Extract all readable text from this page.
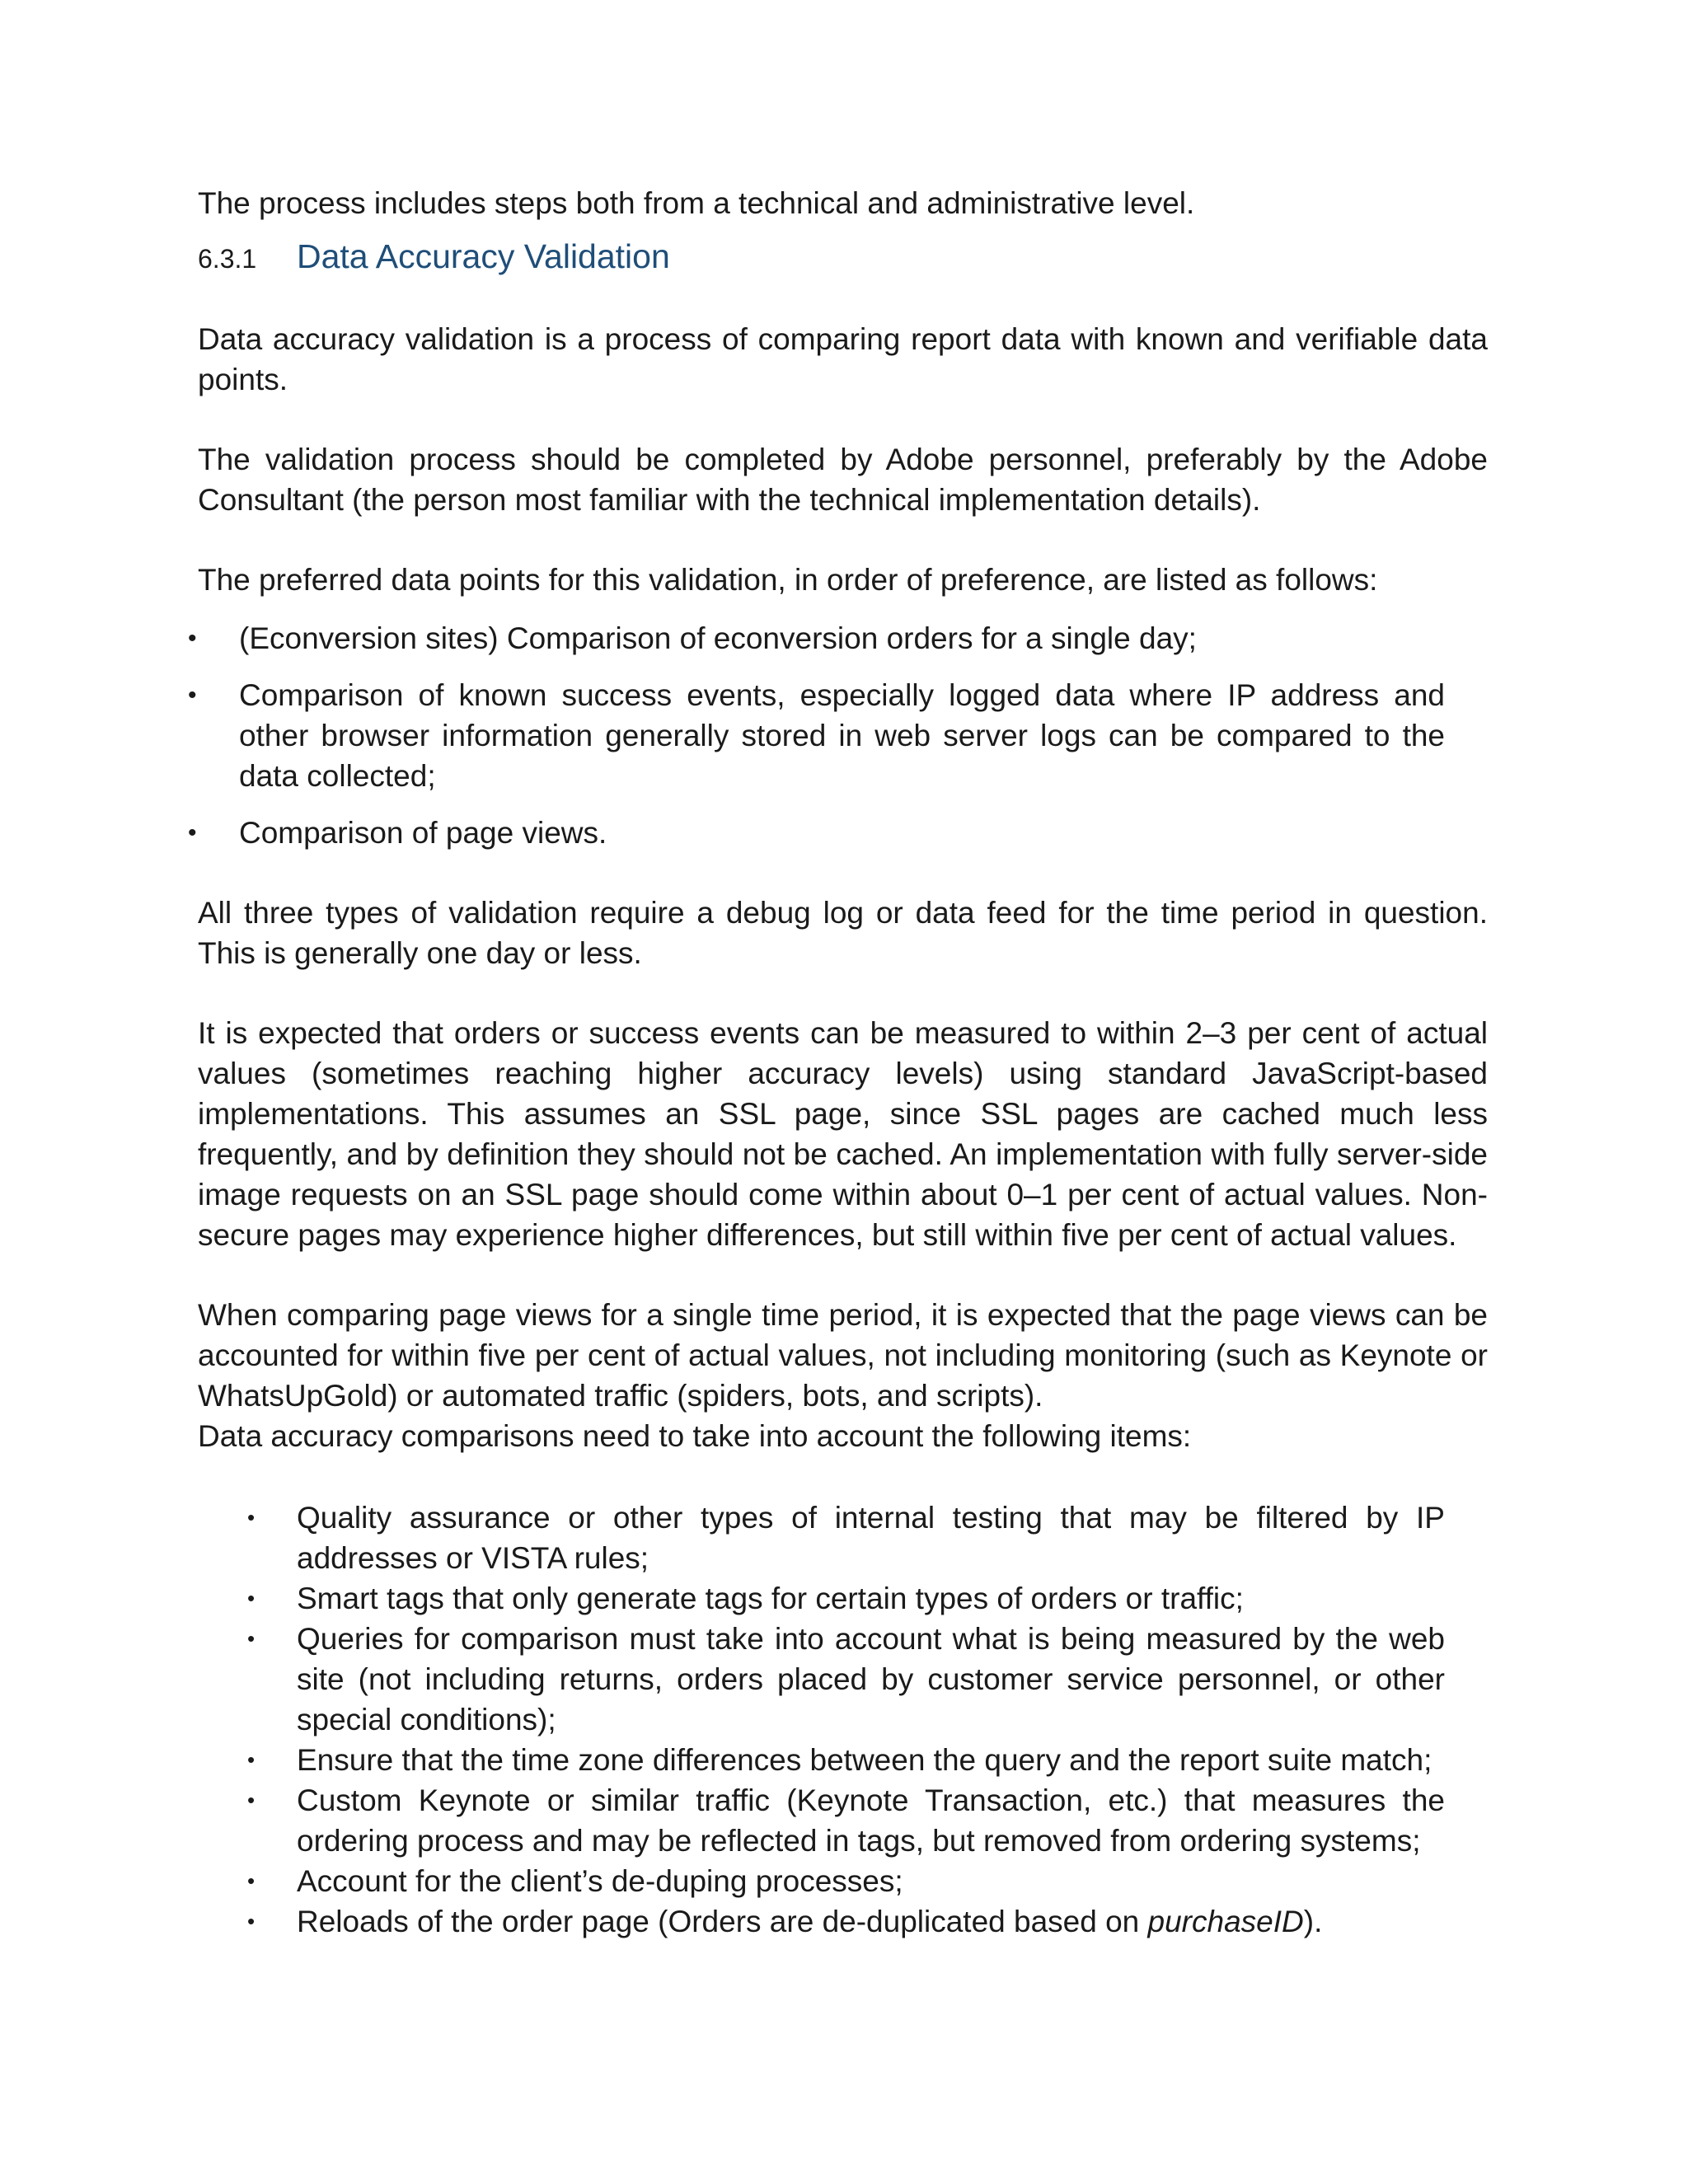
The process includes steps both from a technical and administrative level.

6.3.1	Data Accuracy Validation

Data accuracy validation is a process of comparing report data with known and verifiable data points.

The validation process should be completed by Adobe personnel, preferably by the Adobe Consultant (the person most familiar with the technical implementation details).

The preferred data points for this validation, in order of preference, are listed as follows:

• (Econversion sites) Comparison of econversion orders for a single day;
• Comparison of known success events, especially logged data where IP address and other browser information generally stored in web server logs can be compared to the data collected;
• Comparison of page views.

All three types of validation require a debug log or data feed for the time period in question. This is generally one day or less.

It is expected that orders or success events can be measured to within 2–3 per cent of actual values (sometimes reaching higher accuracy levels) using standard JavaScript-based implementations. This assumes an SSL page, since SSL pages are cached much less frequently, and by definition they should not be cached. An implementation with fully server-side image requests on an SSL page should come within about 0–1 per cent of actual values. Non-secure pages may experience higher differences, but still within five per cent of actual values.

When comparing page views for a single time period, it is expected that the page views can be accounted for within five per cent of actual values, not including monitoring (such as Keynote or WhatsUpGold) or automated traffic (spiders, bots, and scripts).

Data accuracy comparisons need to take into account the following items:

• Quality assurance or other types of internal testing that may be filtered by IP addresses or VISTA rules;
• Smart tags that only generate tags for certain types of orders or traffic;
• Queries for comparison must take into account what is being measured by the web site (not including returns, orders placed by customer service personnel, or other special conditions);
• Ensure that the time zone differences between the query and the report suite match;
• Custom Keynote or similar traffic (Keynote Transaction, etc.) that measures the ordering process and may be reflected in tags, but removed from ordering systems;
• Account for the client’s de-duping processes;
• Reloads of the order page (Orders are de-duplicated based on purchaseID).
